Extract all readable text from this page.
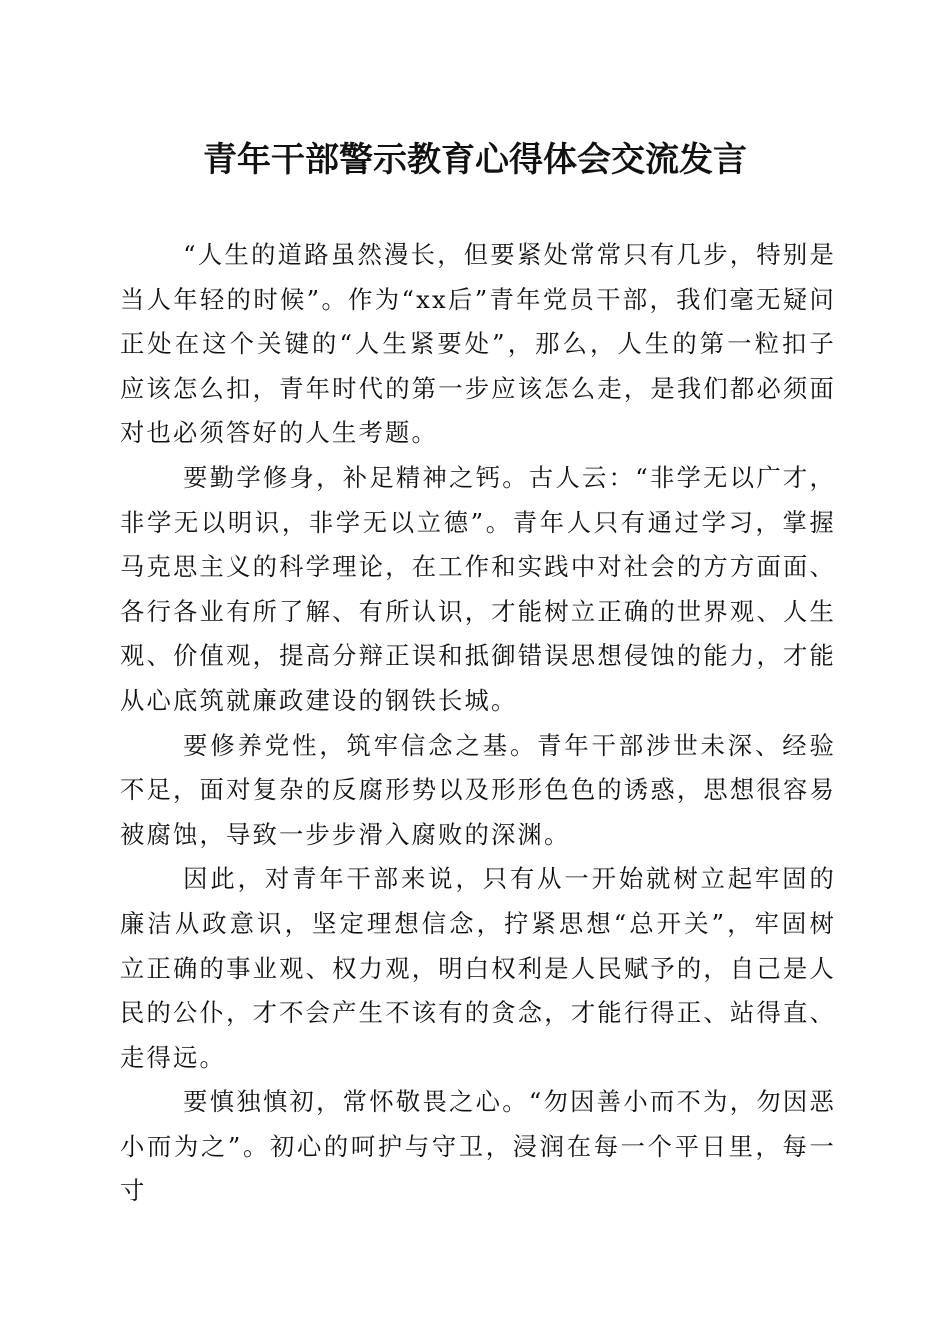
青年干部警示教育心得体会交流发言

“人生的道路虽然漫长，但要紧处常常只有几步，特别是当人年轻的时候”。作为“xx后”青年党员干部，我们毫无疑问正处在这个关键的“人生紧要处”，那么，人生的第一粒扣子应该怎么扣，青年时代的第一步应该怎么走，是我们都必须面对也必须答好的人生考题。

要勤学修身，补足精神之钙。古人云：“非学无以广才，非学无以明识，非学无以立德”。青年人只有通过学习，掌握马克思主义的科学理论，在工作和实践中对社会的方方面面、各行各业有所了解、有所认识，才能树立正确的世界观、人生观、价值观，提高分辩正误和抵御错误思想侵蚀的能力，才能从心底筑就廉政建设的钢铁长城。

要修养党性，筑牢信念之基。青年干部涉世未深、经验不足，面对复杂的反腐形势以及形形色色的诱惑，思想很容易被腐蚀，导致一步步滑入腐败的深渊。

因此，对青年干部来说，只有从一开始就树立起牢固的廉洁从政意识，坚定理想信念，拧紧思想“总开关”，牢固树立正确的事业观、权力观，明白权利是人民赋予的，自己是人民的公仆，才不会产生不该有的贪念，才能行得正、站得直、走得远。

要慎独慎初，常怀敬畏之心。“勿因善小而不为，勿因恶小而为之”。初心的呵护与守卫，浸润在每一个平日里，每一寸
